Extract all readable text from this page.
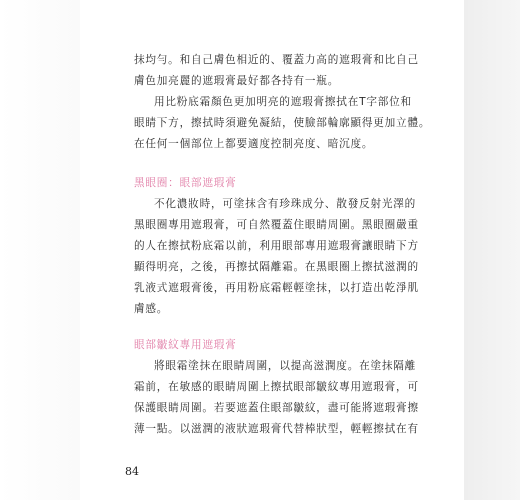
抹均勻。和自己膚色相近的、覆蓋力高的遮瑕膏和比自己
膚色加亮麗的遮瑕膏最好都各持有一瓶。
用比粉底霜顏色更加明亮的遮瑕膏擦拭在T字部位和
眼睛下方，擦拭時須避免凝結，使臉部輪廓顯得更加立體。
在任何一個部位上都要適度控制亮度、暗沉度。
黑眼圈：眼部遮瑕膏
不化濃妝時，可塗抹含有珍珠成分、散發反射光澤的
黑眼圈專用遮瑕膏，可自然覆蓋住眼睛周圍。黑眼圈嚴重
的人在擦拭粉底霜以前，利用眼部專用遮瑕膏讓眼睛下方
顯得明亮，之後，再擦拭隔離霜。在黑眼圈上擦拭滋潤的
乳液式遮瑕膏後，再用粉底霜輕輕塗抹，以打造出乾淨肌
膚感。
眼部皺紋專用遮瑕膏
將眼霜塗抹在眼睛周圍，以提高滋潤度。在塗抹隔離
霜前，在敏感的眼睛周圍上擦拭眼部皺紋專用遮瑕膏，可
保護眼睛周圍。若要遮蓋住眼部皺紋，盡可能將遮瑕膏擦
薄一點。以滋潤的液狀遮瑕膏代替棒狀型，輕輕擦拭在有
84
